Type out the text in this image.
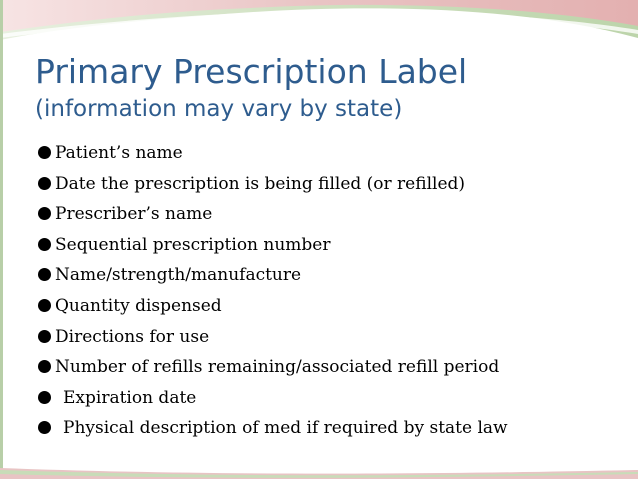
Primary Prescription Label
(information may vary by state)
Patient’s name
Date the prescription is being filled (or refilled)
Prescriber’s name
Sequential prescription number
Name/strength/manufacture
Quantity dispensed
Directions for use
Number of refills remaining/associated refill period
Expiration date
Physical description of med if required by state law
